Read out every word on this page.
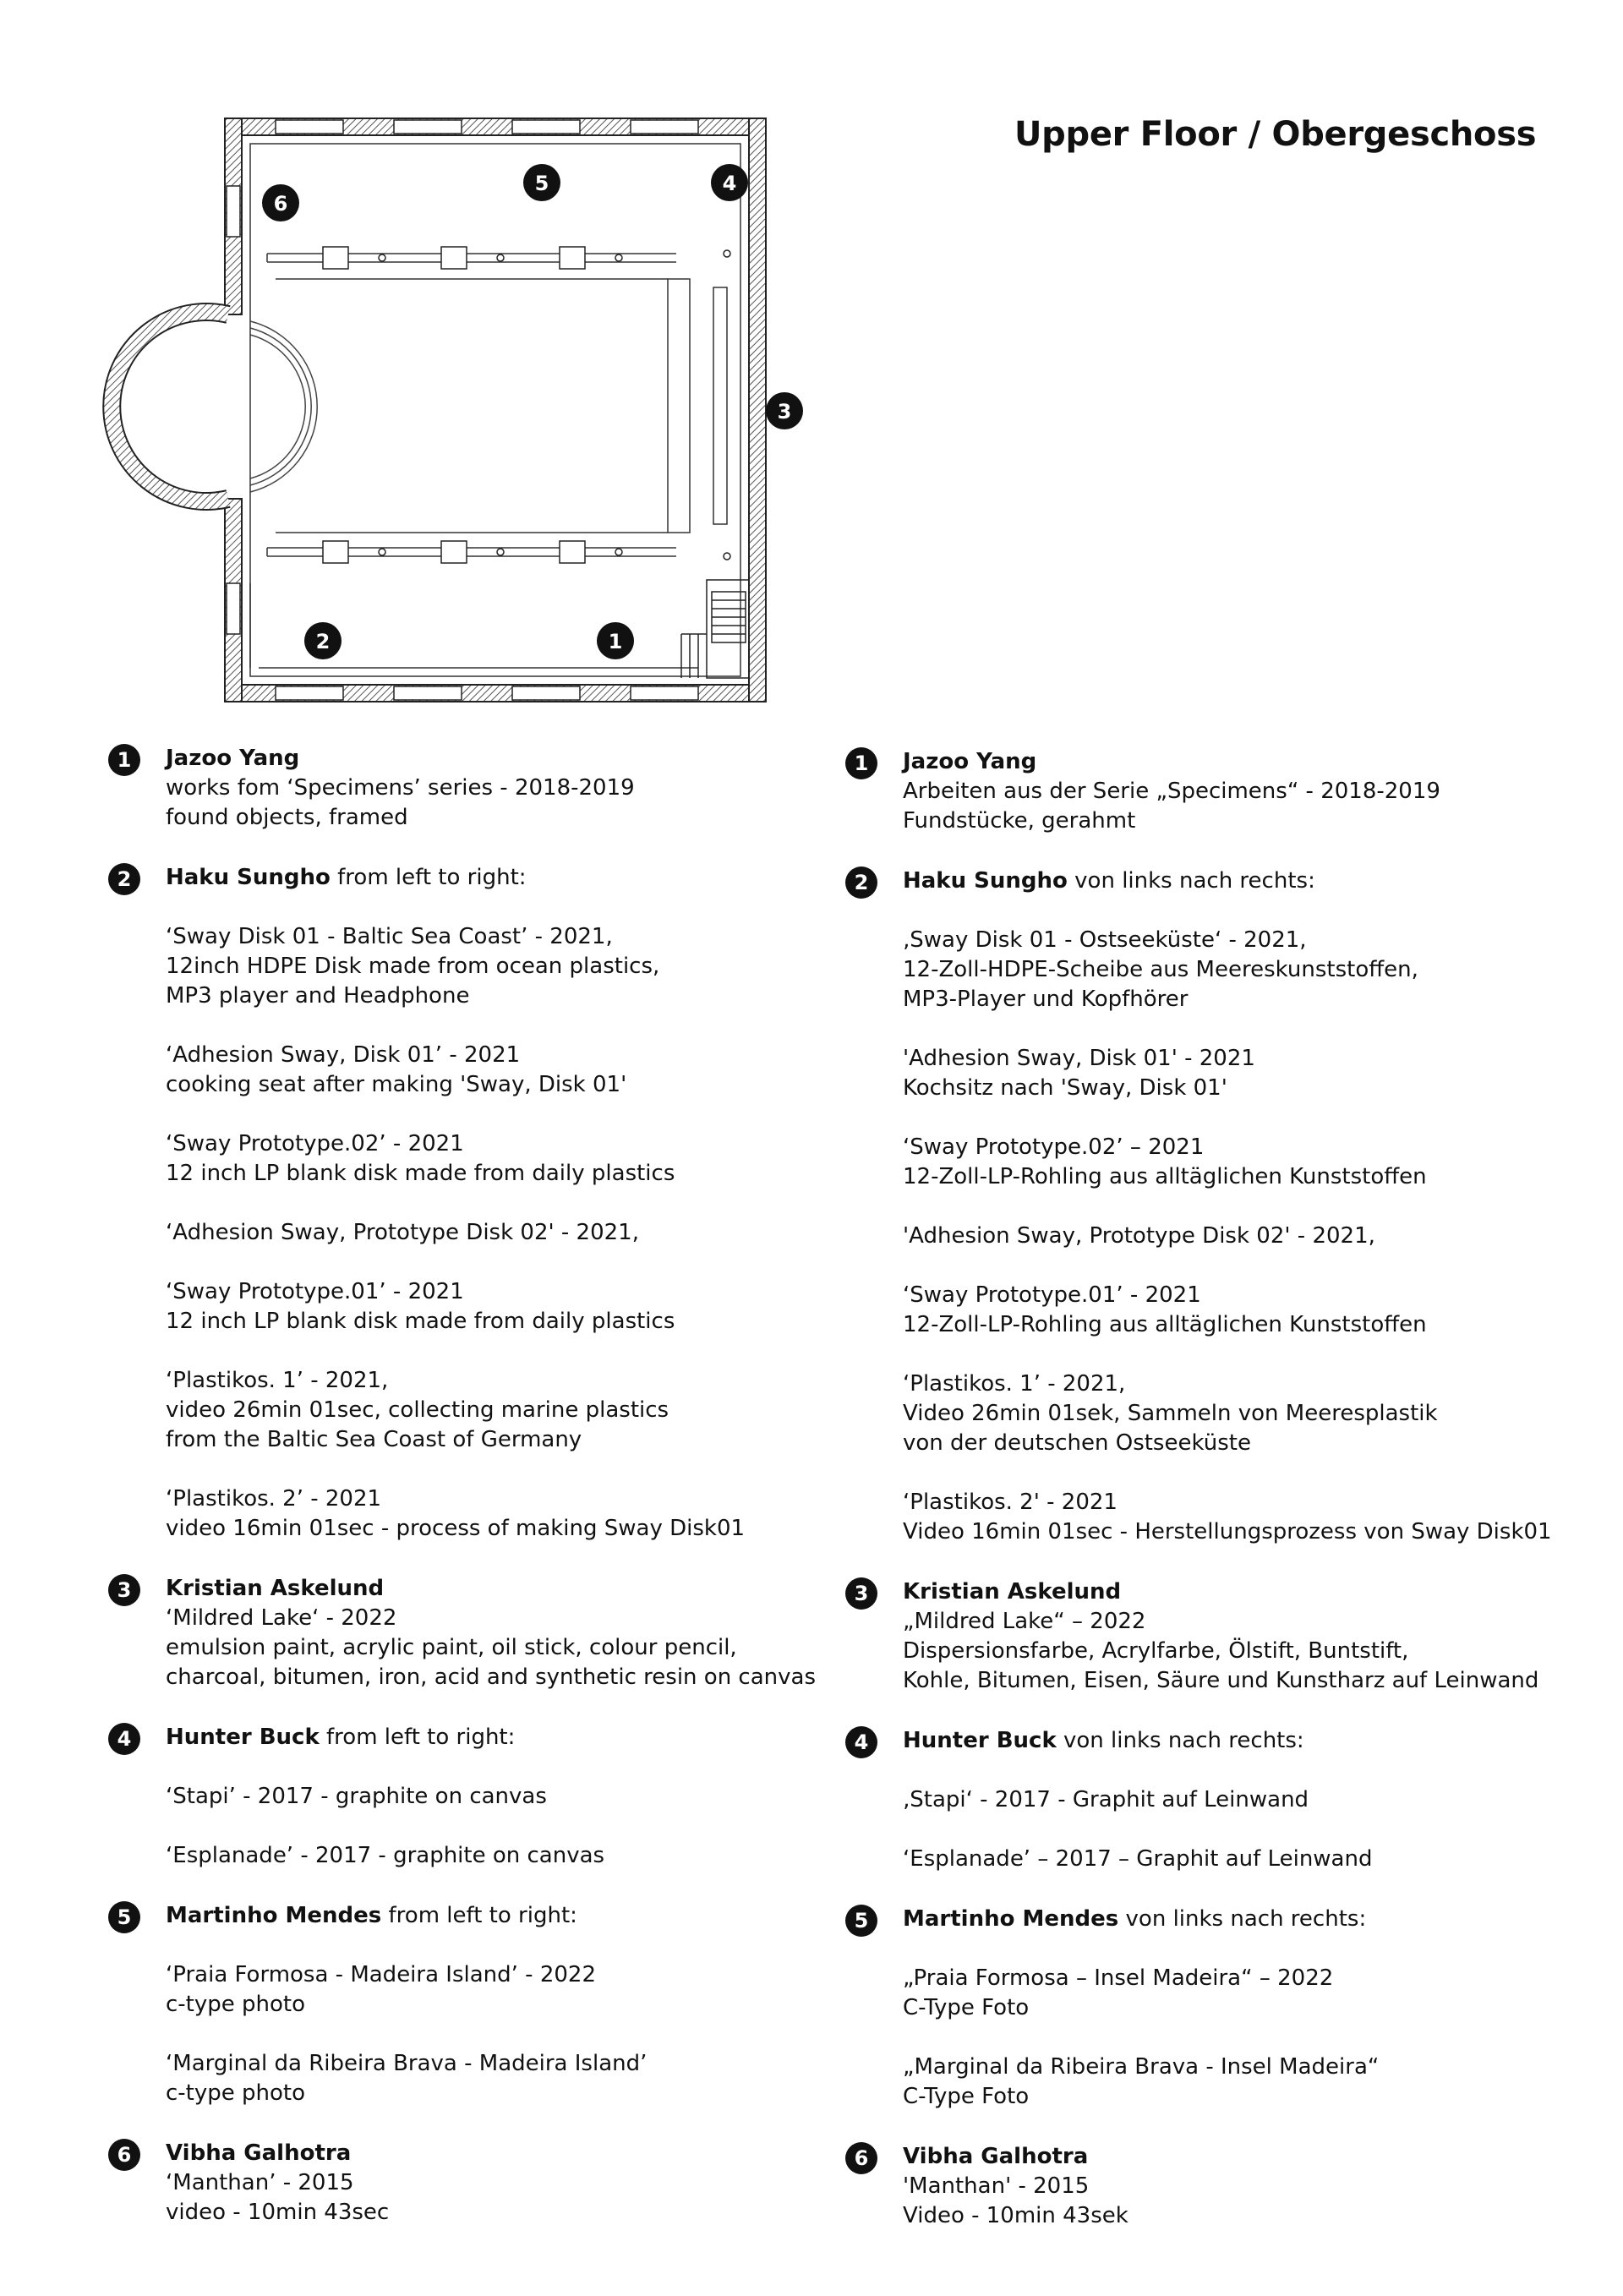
Upper Floor / Obergeschoss
1
2
3
4
5
6
1	Jazoo Yang
works fom ‘Specimens’ series - 2018-2019
found objects, framed
2	Haku Sungho from left to right:
‘Sway Disk 01 - Baltic Sea Coast’ - 2021,
12inch HDPE Disk made from ocean plastics,
MP3 player and Headphone
‘Adhesion Sway, Disk 01’ - 2021
cooking seat after making 'Sway, Disk 01'
‘Sway Prototype.02’ - 2021
12 inch LP blank disk made from daily plastics
‘Adhesion Sway, Prototype Disk 02' - 2021,
‘Sway Prototype.01’ - 2021
12 inch LP blank disk made from daily plastics
‘Plastikos. 1’ - 2021,
video 26min 01sec, collecting marine plastics
from the Baltic Sea Coast of Germany
‘Plastikos. 2’ - 2021
video 16min 01sec - process of making Sway Disk01
3	Kristian Askelund
‘Mildred Lake‘ - 2022
emulsion paint, acrylic paint, oil stick, colour pencil,
charcoal, bitumen, iron, acid and synthetic resin on canvas
4	Hunter Buck from left to right:
‘Stapi’ - 2017 - graphite on canvas
‘Esplanade’ - 2017 - graphite on canvas
5	Martinho Mendes from left to right:
‘Praia Formosa - Madeira Island’ - 2022
c-type photo
‘Marginal da Ribeira Brava - Madeira Island’
c-type photo
6	Vibha Galhotra
‘Manthan’ - 2015
video - 10min 43sec
1	Jazoo Yang
Arbeiten aus der Serie „Specimens“ - 2018-2019
Fundstücke, gerahmt
2	Haku Sungho von links nach rechts:
‚Sway Disk 01 - Ostseeküste‘ - 2021,
12-Zoll-HDPE-Scheibe aus Meereskunststoffen,
MP3-Player und Kopfhörer
'Adhesion Sway, Disk 01' - 2021
Kochsitz nach 'Sway, Disk 01'
‘Sway Prototype.02’ – 2021
12-Zoll-LP-Rohling aus alltäglichen Kunststoffen
'Adhesion Sway, Prototype Disk 02' - 2021,
‘Sway Prototype.01’ - 2021
12-Zoll-LP-Rohling aus alltäglichen Kunststoffen
‘Plastikos. 1’ - 2021,
Video 26min 01sek, Sammeln von Meeresplastik
von der deutschen Ostseeküste
‘Plastikos. 2' - 2021
Video 16min 01sec - Herstellungsprozess von Sway Disk01
3	Kristian Askelund
„Mildred Lake“ – 2022
Dispersionsfarbe, Acrylfarbe, Ölstift, Buntstift,
Kohle, Bitumen, Eisen, Säure und Kunstharz auf Leinwand
4	Hunter Buck von links nach rechts:
‚Stapi‘ - 2017 - Graphit auf Leinwand
‘Esplanade’ – 2017 – Graphit auf Leinwand
5	Martinho Mendes von links nach rechts:
„Praia Formosa – Insel Madeira“ – 2022
C-Type Foto
„Marginal da Ribeira Brava - Insel Madeira“
C-Type Foto
6	Vibha Galhotra
'Manthan' - 2015
Video - 10min 43sek
